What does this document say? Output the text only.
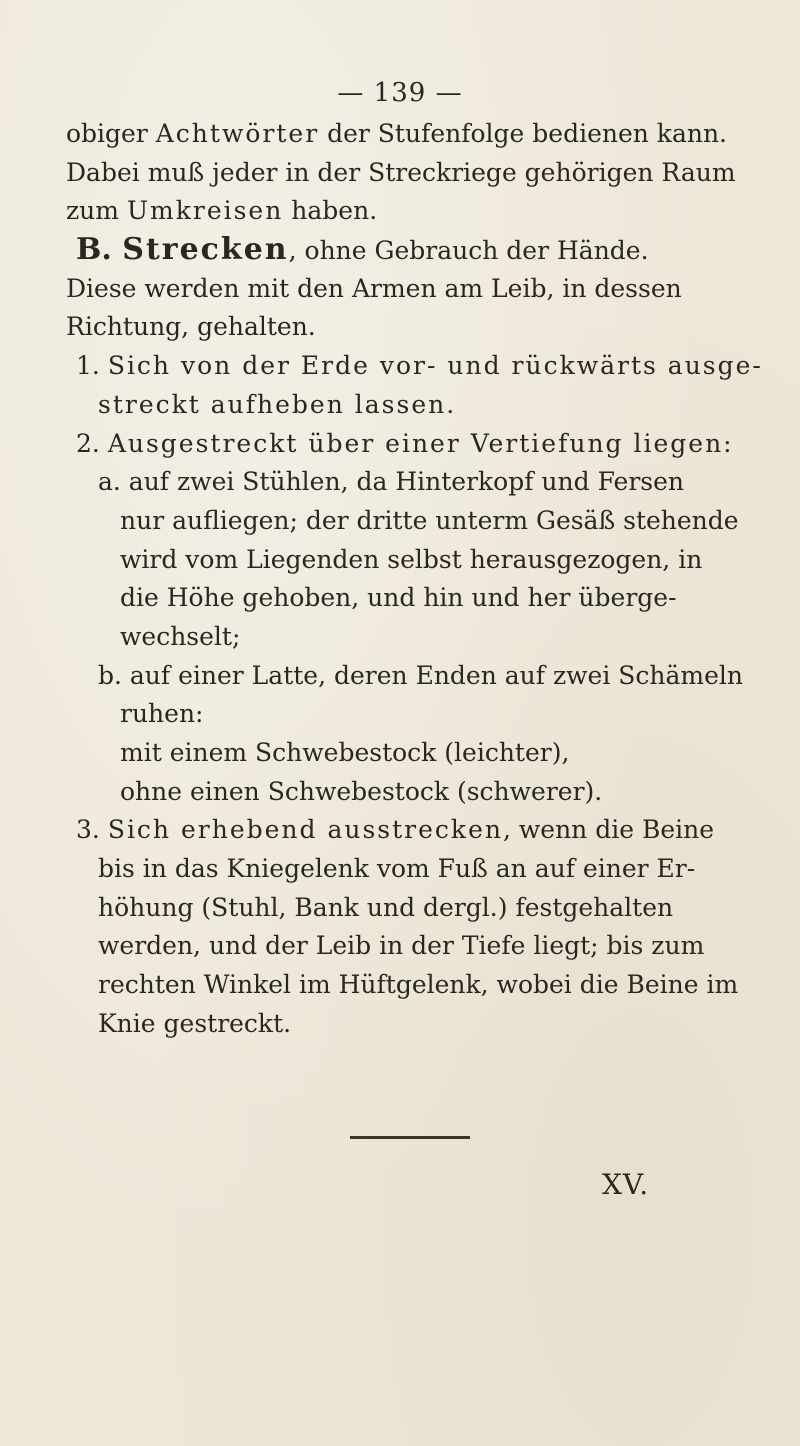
— 139 —
obiger Achtwörter der Stufenfolge bedienen kann.
Dabei muß jeder in der Streckriege gehörigen Raum
zum Umkreisen haben.
B. Strecken, ohne Gebrauch der Hände.
Diese werden mit den Armen am Leib, in dessen
Richtung, gehalten.
1. Sich von der Erde vor- und rückwärts ausge-
streckt aufheben lassen.
2. Ausgestreckt über einer Vertiefung liegen:
a. auf zwei Stühlen, da Hinterkopf und Fersen
nur aufliegen; der dritte unterm Gesäß stehende
wird vom Liegenden selbst herausgezogen, in
die Höhe gehoben, und hin und her überge-
wechselt;
b. auf einer Latte, deren Enden auf zwei Schämeln
ruhen:
mit einem Schwebestock (leichter),
ohne einen Schwebestock (schwerer).
3. Sich erhebend ausstrecken, wenn die Beine
bis in das Kniegelenk vom Fuß an auf einer Er-
höhung (Stuhl, Bank und dergl.) festgehalten
werden, und der Leib in der Tiefe liegt; bis zum
rechten Winkel im Hüftgelenk, wobei die Beine im
Knie gestreckt.
XV.
